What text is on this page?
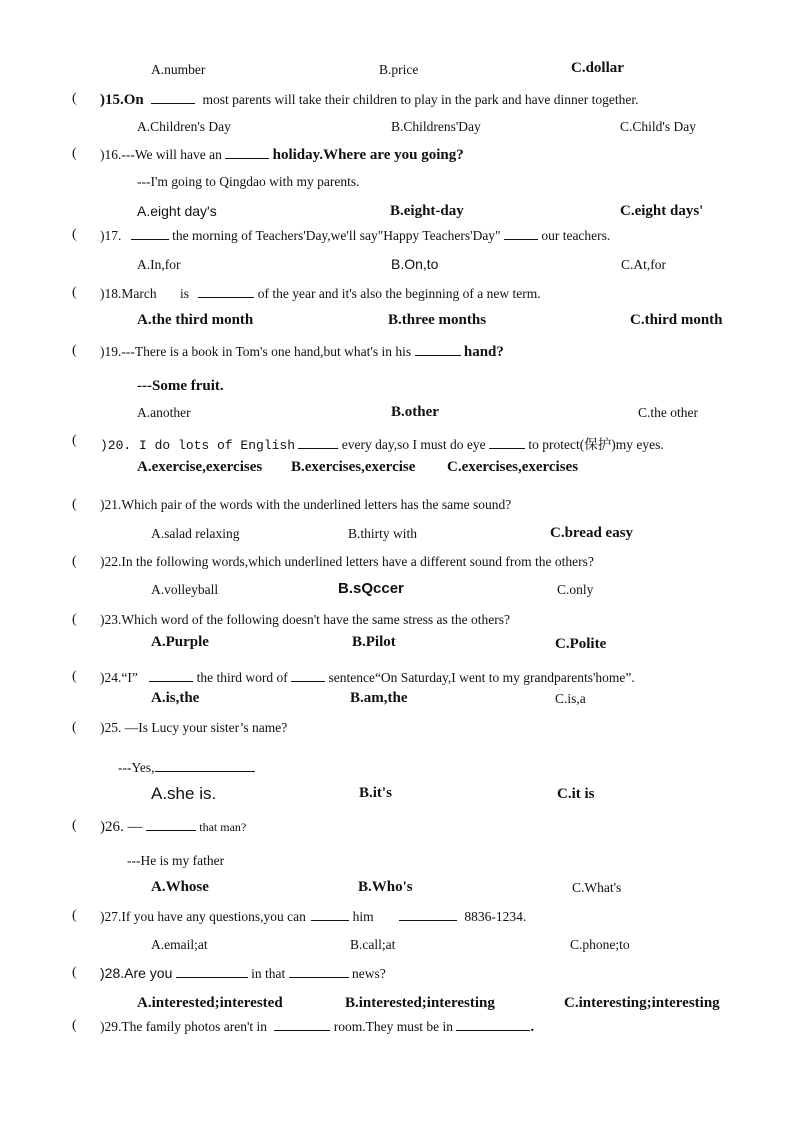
A.number	B.price	C.dollar
( )15.On	most parents will take their children to play in the park and have dinner together.
A.Children's Day	B.Childrens'Day	C.Child's Day
( )16.---We will have an	holiday.Where are you going?
---I'm going to Qingdao with my parents.
A.eight day's	B.eight-day	C.eight days'
( )17.	the morning of Teachers'Day,we'll say"Happy Teachers'Day"	our teachers.
A.In,for	B.On,to	C.At,for
( )18.March is	of the year and it's also the beginning of a new term.
A.the third month	B.three months	C.third month
( )19.---There is a book in Tom's one hand,but what's in his	hand?
---Some fruit.
A.another	B.other	C.the other
( )20. I do lots of English	every day,so I must do eye	to protect(保护)my eyes.
A.exercise,exercises B.exercises,exercise C.exercises,exercises
( )21.Which pair of the words with the underlined letters has the same sound?
A.salad relaxing	B.thirty with	C.bread easy
( )22.In the following words,which underlined letters have a different sound from the others?
A.volleyball	B.sQccer	C.only
( )23.Which word of the following doesn't have the same stress as the others?
A.Purple	B.Pilot	C.Polite
( )24.“I”	the third word of	sentence“On Saturday,I went to my grandparents'home”.
A.is,the	B.am,the	C.is,a
( )25. —Is Lucy your sister’s name?
---Yes,
A.she is.	B.it's	C.it is
( )26. —	that man?
---He is my father
A.Whose	B.Who's	C.What's
( )27.If you have any questions,you can	him	8836-1234.
A.email;at	B.call;at	C.phone;to
( )28.Are you	in that	news?
A.interested;interested	B.interested;interesting	C.interesting;interesting
( )29.The family photos aren't in	room.They must be in	.
